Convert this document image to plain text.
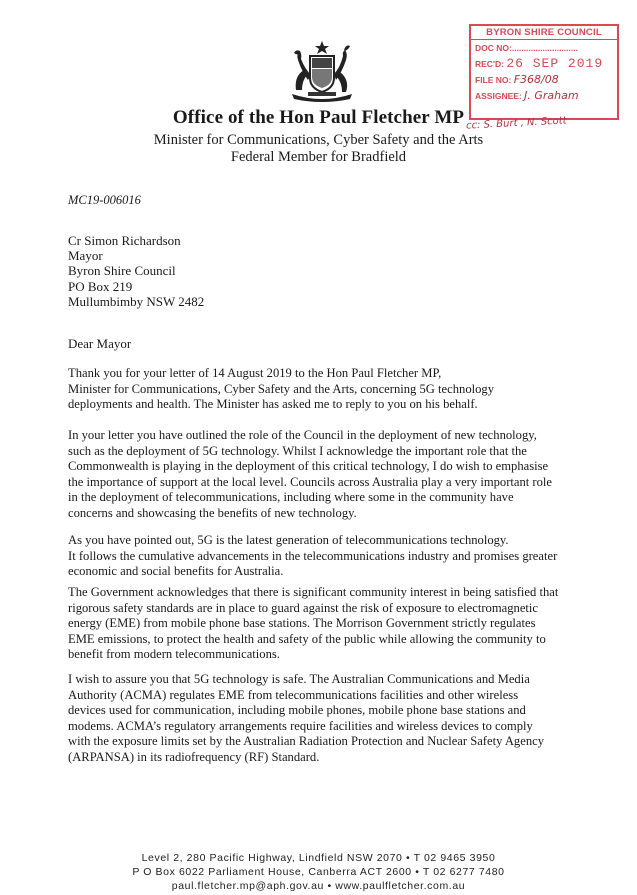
Office of the Hon Paul Fletcher MP
Minister for Communications, Cyber Safety and the Arts
Federal Member for Bradfield
BYRON SHIRE COUNCIL
DOC NO:............................
REC'D: 26 SEP 2019
FILE NO: F368/08
ASSIGNEE: J. Graham
cc: S. Burt , N. Scott
MC19-006016
Cr Simon Richardson
Mayor
Byron Shire Council
PO Box 219
Mullumbimby NSW 2482
Dear Mayor
Thank you for your letter of 14 August 2019 to the Hon Paul Fletcher MP,
Minister for Communications, Cyber Safety and the Arts, concerning 5G technology
deployments and health. The Minister has asked me to reply to you on his behalf.
In your letter you have outlined the role of the Council in the deployment of new technology,
such as the deployment of 5G technology. Whilst I acknowledge the important role that the
Commonwealth is playing in the deployment of this critical technology, I do wish to emphasise
the importance of support at the local level. Councils across Australia play a very important role
in the deployment of telecommunications, including where some in the community have
concerns and showcasing the benefits of new technology.
As you have pointed out, 5G is the latest generation of telecommunications technology.
It follows the cumulative advancements in the telecommunications industry and promises greater
economic and social benefits for Australia.
The Government acknowledges that there is significant community interest in being satisfied that
rigorous safety standards are in place to guard against the risk of exposure to electromagnetic
energy (EME) from mobile phone base stations. The Morrison Government strictly regulates
EME emissions, to protect the health and safety of the public while allowing the community to
benefit from modern telecommunications.
I wish to assure you that 5G technology is safe. The Australian Communications and Media
Authority (ACMA) regulates EME from telecommunications facilities and other wireless
devices used for communication, including mobile phones, mobile phone base stations and
modems. ACMA’s regulatory arrangements require facilities and wireless devices to comply
with the exposure limits set by the Australian Radiation Protection and Nuclear Safety Agency
(ARPANSA) in its radiofrequency (RF) Standard.
Level 2, 280 Pacific Highway, Lindfield NSW 2070 • T 02 9465 3950
P O Box 6022 Parliament House, Canberra ACT 2600 • T 02 6277 7480
paul.fletcher.mp@aph.gov.au • www.paulfletcher.com.au
